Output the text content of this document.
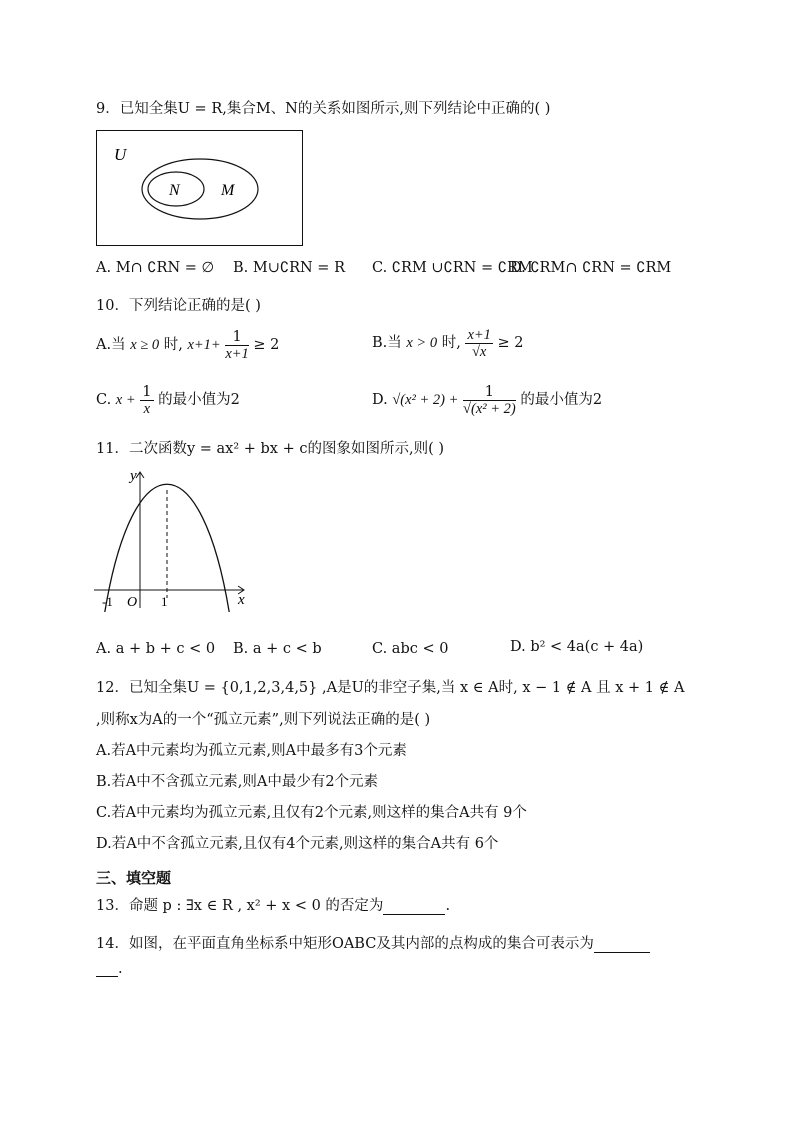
9．已知全集U = R,集合M、N的关系如图所示,则下列结论中正确的( )
U
N	M
A. M∩ ∁RN = ∅ B. M∪∁RN = R C. ∁RM ∪∁RN = ∁RM
D. ∁RM∩ ∁RN = ∁RM
10．下列结论正确的是( )
A.当 x ≥ 0 时, $x+1+ \frac{1}{x+1} \ge 2$	B.当 x > 0 时, $\frac{x+1}{√x} \ge 2$
C. $x + \frac{1}{x}$ 的最小值为2	D. $√(x^2 + 2) + \frac{1}{\text{√(x² + 2)}}$ 的最小值为2
11．二次函数y = ax² + bx + c的图象如图所示,则( )
y
x
O
-1	1
A. a + b + c < 0 B. a + c < b	C. abc < 0	D. b² < 4a(c + 4a)
12．已知全集U = {0,1,2,3,4,5} ,A是U的非空子集,当 x ∈ A时, x − 1 ∉ A 且 x + 1 ∉ A
,则称x为A的一个“孤立元素”,则下列说法正确的是( )
A.若A中元素均为孤立元素,则A中最多有3个元素
B.若A中不含孤立元素,则A中最少有2个元素
C.若A中元素均为孤立元素,且仅有2个元素,则这样的集合A共有 9个
D.若A中不含孤立元素,且仅有4个元素,则这样的集合A共有 6个
三、填空题
13．命题 p : ∃x ∈ R , x² + x < 0 的否定为	.
14．如图，在平面直角坐标系中矩形OABC及其内部的点构成的集合可表示为
.
